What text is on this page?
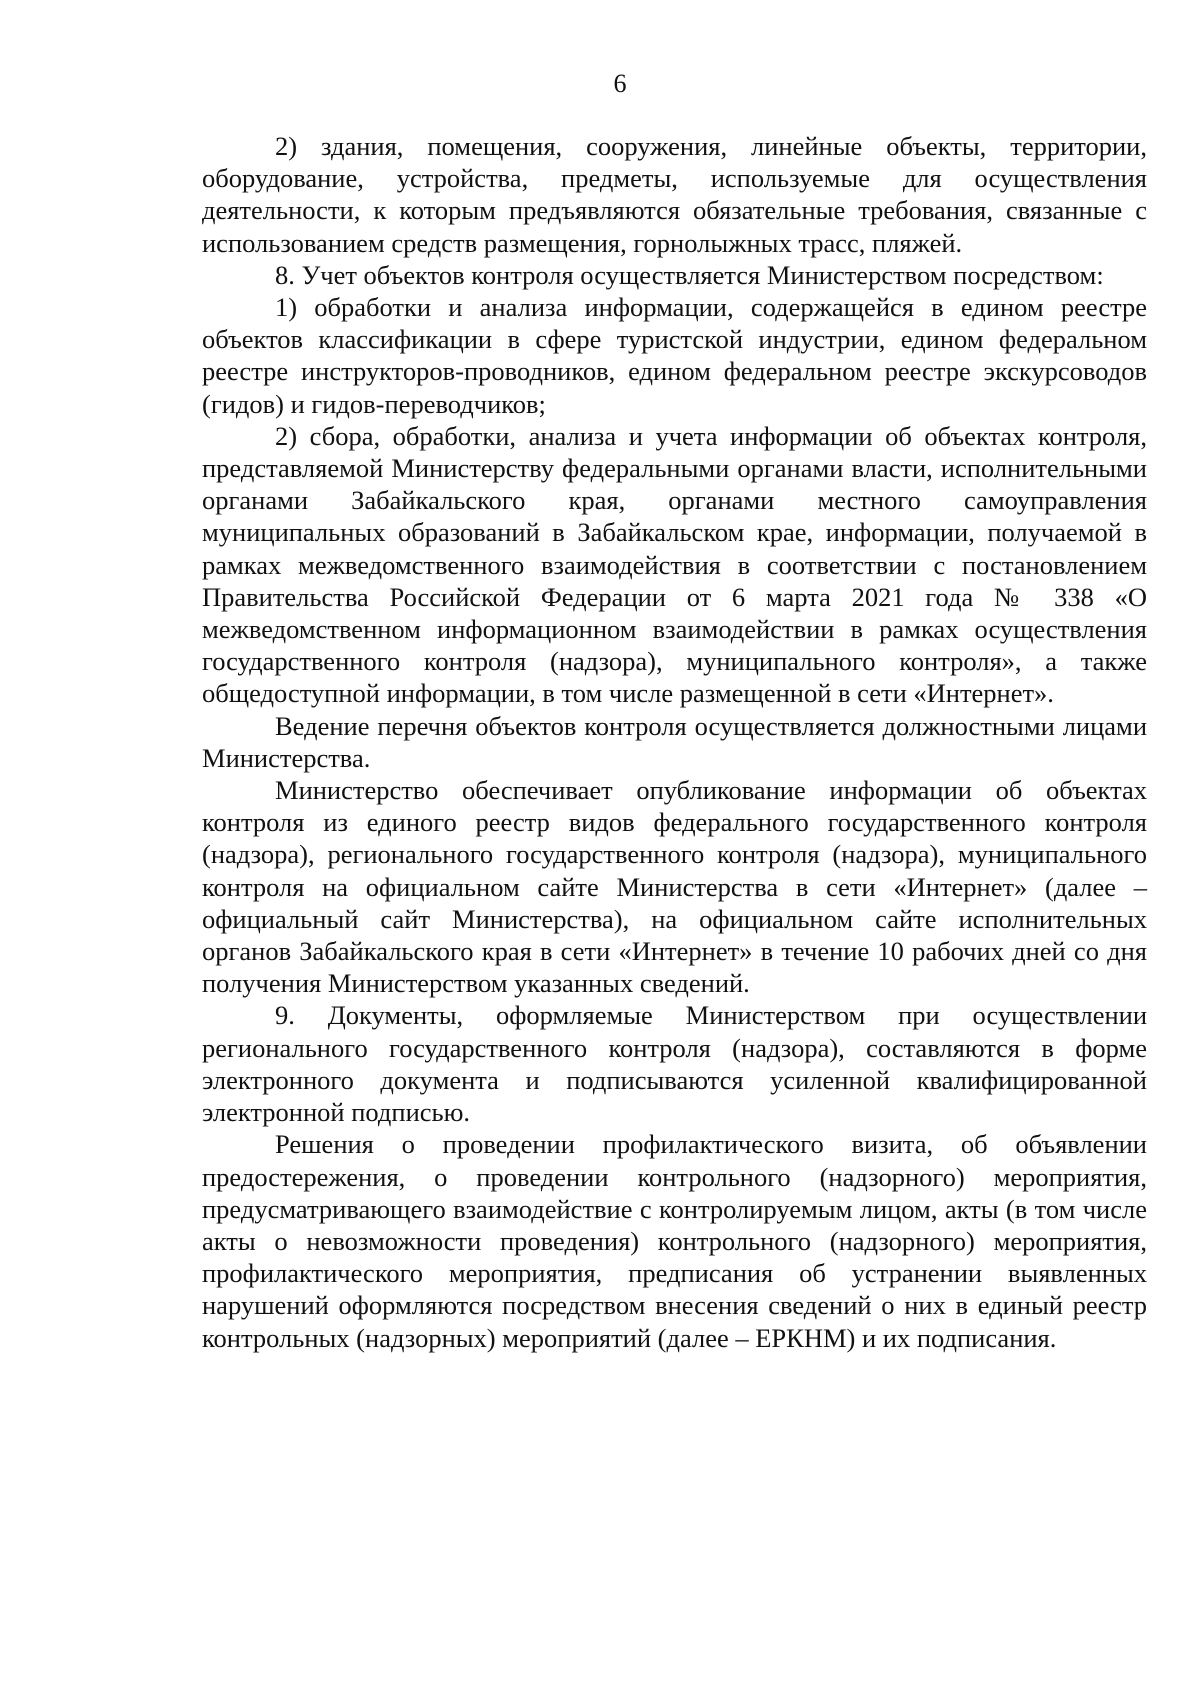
6

2) здания, помещения, сооружения, линейные объекты, территории, оборудование, устройства, предметы, используемые для осуществления деятельности, к которым предъявляются обязательные требования, связанные с использованием средств размещения, горнолыжных трасс, пляжей.

8. Учет объектов контроля осуществляется Министерством посредством:

1) обработки и анализа информации, содержащейся в едином реестре объектов классификации в сфере туристской индустрии, едином федеральном реестре инструкторов-проводников, едином федеральном реестре экскурсоводов (гидов) и гидов-переводчиков;

2) сбора, обработки, анализа и учета информации об объектах контроля, представляемой Министерству федеральными органами власти, исполнительными органами Забайкальского края, органами местного самоуправления муниципальных образований в Забайкальском крае, информации, получаемой в рамках межведомственного взаимодействия в соответствии с постановлением Правительства Российской Федерации от 6 марта 2021 года № 338 «О межведомственном информационном взаимодействии в рамках осуществления государственного контроля (надзора), муниципального контроля», а также общедоступной информации, в том числе размещенной в сети «Интернет».

Ведение перечня объектов контроля осуществляется должностными лицами Министерства.

Министерство обеспечивает опубликование информации об объектах контроля из единого реестр видов федерального государственного контроля (надзора), регионального государственного контроля (надзора), муниципального контроля на официальном сайте Министерства в сети «Интернет» (далее – официальный сайт Министерства), на официальном сайте исполнительных органов Забайкальского края в сети «Интернет» в течение 10 рабочих дней со дня получения Министерством указанных сведений.

9. Документы, оформляемые Министерством при осуществлении регионального государственного контроля (надзора), составляются в форме электронного документа и подписываются усиленной квалифицированной электронной подписью.

Решения о проведении профилактического визита, об объявлении предостережения, о проведении контрольного (надзорного) мероприятия, предусматривающего взаимодействие с контролируемым лицом, акты (в том числе акты о невозможности проведения) контрольного (надзорного) мероприятия, профилактического мероприятия, предписания об устранении выявленных нарушений оформляются посредством внесения сведений о них в единый реестр контрольных (надзорных) мероприятий (далее – ЕРКНМ) и их подписания.
